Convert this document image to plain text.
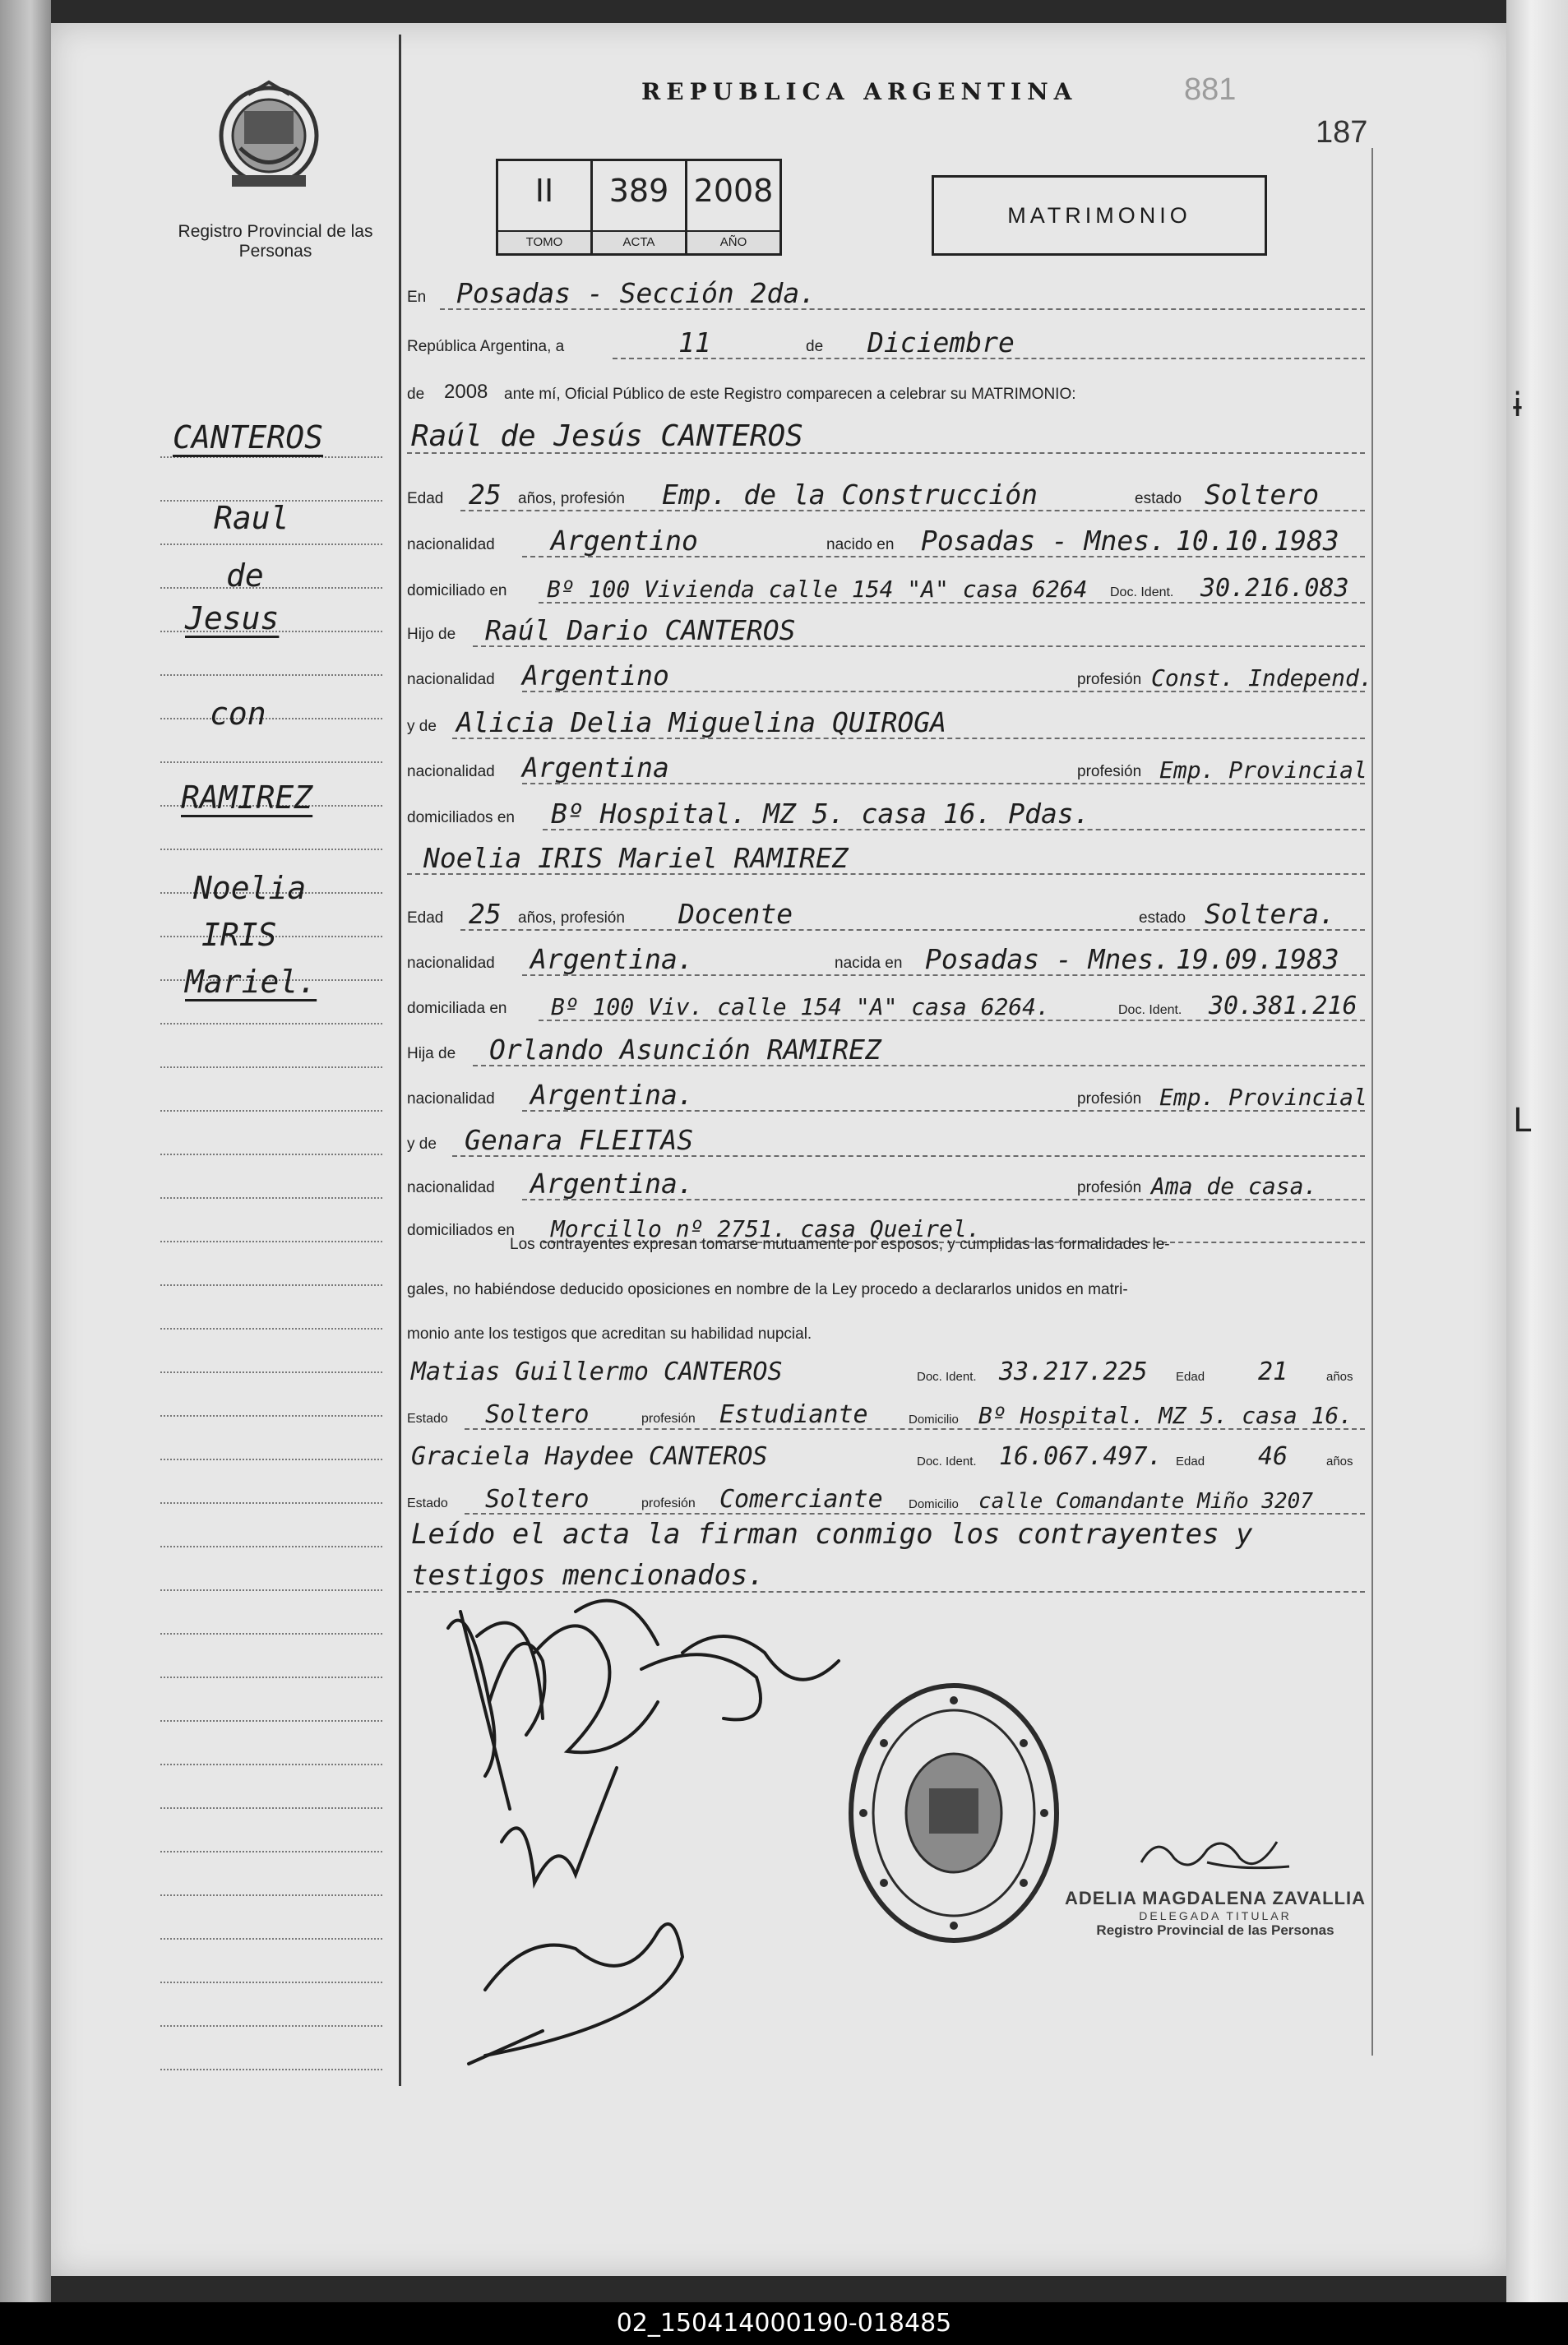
ɨ
L
Registro Provincial de las Personas
REPUBLICA ARGENTINA	881
187
II
TOMO
389
ACTA
2008
AÑO
MATRIMONIO
CANTEROS
Raul
de
Jesus
con
RAMIREZ
Noelia
IRIS
Mariel.
En Posadas - Sección 2da.
República Argentina, a	11	de Diciembre
de 2008 ante mí, Oficial Público de este Registro comparecen a celebrar su MATRIMONIO:
Raúl de Jesús CANTEROS
Edad 25 años, profesión Emp. de la Construcción	estado Soltero
nacionalidad Argentino	nacido en Posadas - Mnes. 10.10.1983
domiciliado en Bº 100 Vivienda calle 154 "A" casa 6264 Doc. Ident. 30.216.083
Hijo de Raúl Dario CANTEROS
nacionalidad Argentino	profesión Const. Independ.
y de Alicia Delia Miguelina QUIROGA
nacionalidad Argentina	profesión Emp. Provincial
domiciliados en Bº Hospital. MZ 5. casa 16. Pdas.
Noelia IRIS Mariel RAMIREZ
Edad 25 años, profesión Docente	estado Soltera.
nacionalidad Argentina.	nacida en Posadas - Mnes. 19.09.1983
domiciliada en Bº 100 Viv. calle 154 "A" casa 6264.	Doc. Ident. 30.381.216
Hija de Orlando Asunción RAMIREZ
nacionalidad Argentina.	profesión Emp. Provincial
y de Genara FLEITAS
nacionalidad Argentina.	profesión Ama de casa.
domiciliados en Morcillo nº 2751. casa Queirel.
Los contrayentes expresan tomarse mutuamente por esposos, y cumplidas las formalidades le-
gales, no habiéndose deducido oposiciones en nombre de la Ley procedo a declararlos unidos en matri-
monio ante los testigos que acreditan su habilidad nupcial.
Matias Guillermo CANTEROS	Doc. Ident. 33.217.225 Edad 21	años
Estado Soltero	profesión Estudiante	Domicilio Bº Hospital. MZ 5. casa 16.
Graciela Haydee CANTEROS	Doc. Ident. 16.067.497. Edad 46	años
Estado Soltero	profesión Comerciante Domicilio calle Comandante Miño 3207
Leído el acta la firman conmigo los contrayentes y
testigos mencionados.
ADELIA MAGDALENA ZAVALLIA
DELEGADA TITULAR
Registro Provincial de las Personas
02_150414000190-018485
